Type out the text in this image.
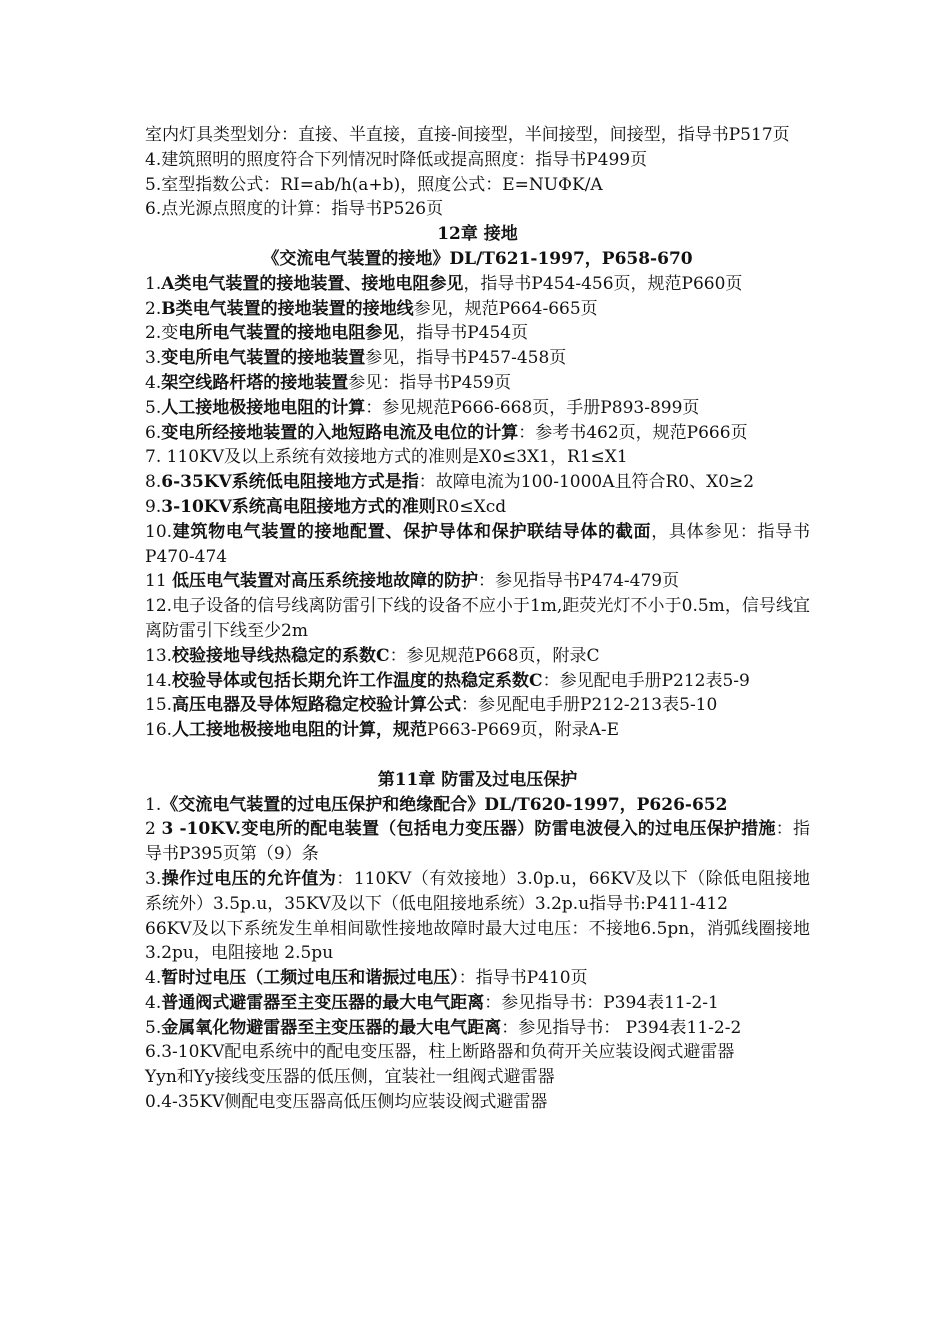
室内灯具类型划分：直接、半直接，直接-间接型，半间接型，间接型，指导书P517页
4.建筑照明的照度符合下列情况时降低或提高照度：指导书P499页
5.室型指数公式：RI=ab/h(a+b)，照度公式：E=NUΦK/A
6.点光源点照度的计算：指导书P526页
12章 接地
《交流电气装置的接地》DL/T621-1997，P658-670
1.A类电气装置的接地装置、接地电阻参见，指导书P454-456页，规范P660页
2.B类电气装置的接地装置的接地线参见，规范P664-665页
2.变电所电气装置的接地电阻参见，指导书P454页
3.变电所电气装置的接地装置参见，指导书P457-458页
4.架空线路杆塔的接地装置参见：指导书P459页
5.人工接地极接地电阻的计算：参见规范P666-668页，手册P893-899页
6.变电所经接地装置的入地短路电流及电位的计算：参考书462页，规范P666页
7. 110KV及以上系统有效接地方式的准则是X0≤3X1，R1≤X1
8.6-35KV系统低电阻接地方式是指：故障电流为100-1000A且符合R0、X0≥2
9.3-10KV系统高电阻接地方式的准则R0≤Xcd
10.建筑物电气装置的接地配置、保护导体和保护联结导体的截面，具体参见：指导书P470-474
11 低压电气装置对高压系统接地故障的防护：参见指导书P474-479页
12.电子设备的信号线离防雷引下线的设备不应小于1m,距荧光灯不小于0.5m，信号线宜离防雷引下线至少2m
13.校验接地导线热稳定的系数C：参见规范P668页，附录C
14.校验导体或包括长期允许工作温度的热稳定系数C：参见配电手册P212表5-9
15.高压电器及导体短路稳定校验计算公式：参见配电手册P212-213表5-10
16.人工接地极接地电阻的计算，规范P663-P669页，附录A-E
第11章 防雷及过电压保护
1.《交流电气装置的过电压保护和绝缘配合》DL/T620-1997，P626-652
2 3 -10KV.变电所的配电装置（包括电力变压器）防雷电波侵入的过电压保护措施：指导书P395页第（9）条
3.操作过电压的允许值为：110KV（有效接地）3.0p.u，66KV及以下（除低电阻接地系统外）3.5p.u，35KV及以下（低电阻接地系统）3.2p.u指导书:P411-412
66KV及以下系统发生单相间歇性接地故障时最大过电压：不接地6.5pn，消弧线圈接地 3.2pu，电阻接地 2.5pu
4.暂时过电压（工频过电压和谐振过电压）：指导书P410页
4.普通阀式避雷器至主变压器的最大电气距离：参见指导书：P394表11-2-1
5.金属氧化物避雷器至主变压器的最大电气距离：参见指导书： P394表11-2-2
6.3-10KV配电系统中的配电变压器，柱上断路器和负荷开关应装设阀式避雷器
Yyn和Yy接线变压器的低压侧，宜装社一组阀式避雷器
0.4-35KV侧配电变压器高低压侧均应装设阀式避雷器
